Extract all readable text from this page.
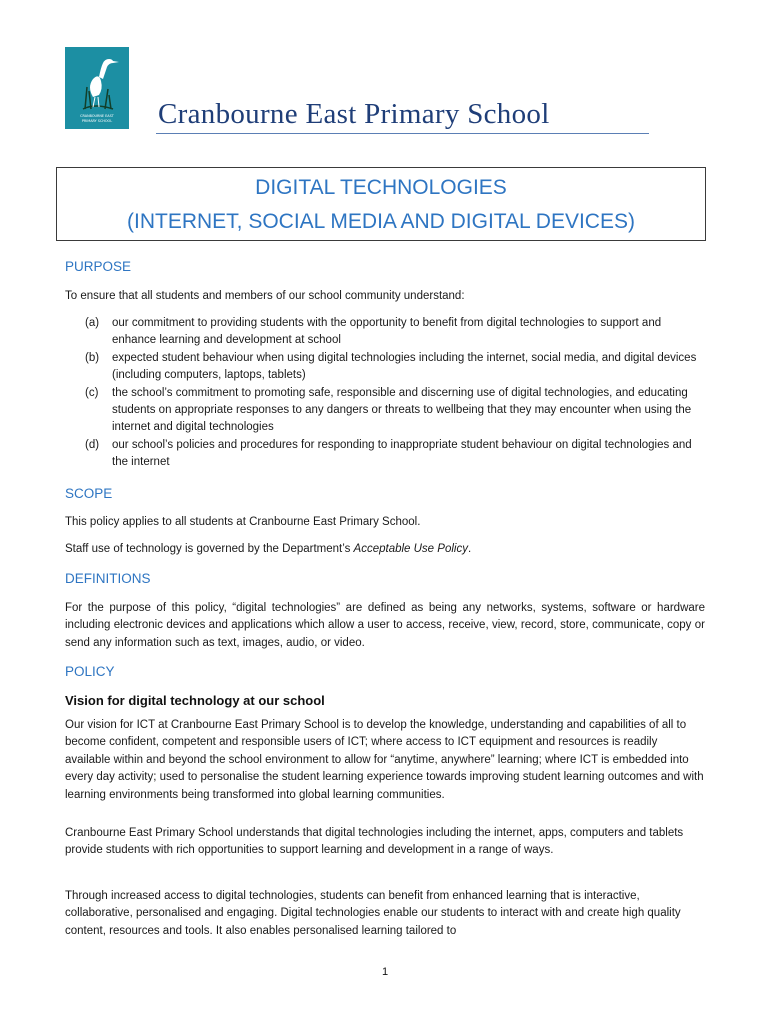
CRANBOURNE EAST
PRIMARY SCHOOL Cranbourne East Primary School
DIGITAL TECHNOLOGIES
(INTERNET, SOCIAL MEDIA AND DIGITAL DEVICES)
PURPOSE
To ensure that all students and members of our school community understand:
(a) our commitment to providing students with the opportunity to benefit from digital technologies to support and enhance learning and development at school
(b) expected student behaviour when using digital technologies including the internet, social media, and digital devices (including computers, laptops, tablets)
(c) the school’s commitment to promoting safe, responsible and discerning use of digital technologies, and educating students on appropriate responses to any dangers or threats to wellbeing that they may encounter when using the internet and digital technologies
(d) our school’s policies and procedures for responding to inappropriate student behaviour on digital technologies and the internet
SCOPE
This policy applies to all students at Cranbourne East Primary School.
Staff use of technology is governed by the Department’s Acceptable Use Policy.
DEFINITIONS
For the purpose of this policy, “digital technologies” are defined as being any networks, systems, software or hardware including electronic devices and applications which allow a user to access, receive, view, record, store, communicate, copy or send any information such as text, images, audio, or video.
POLICY
Vision for digital technology at our school
Our vision for ICT at Cranbourne East Primary School is to develop the knowledge, understanding and capabilities of all to become confident, competent and responsible users of ICT; where access to ICT equipment and resources is readily available within and beyond the school environment to allow for “anytime, anywhere” learning; where ICT is embedded into every day activity; used to personalise the student learning experience towards improving student learning outcomes and with learning environments being transformed into global learning communities.
Cranbourne East Primary School understands that digital technologies including the internet, apps, computers and tablets provide students with rich opportunities to support learning and development in a range of ways.
Through increased access to digital technologies, students can benefit from enhanced learning that is interactive, collaborative, personalised and engaging. Digital technologies enable our students to interact with and create high quality content, resources and tools. It also enables personalised learning tailored to
1
